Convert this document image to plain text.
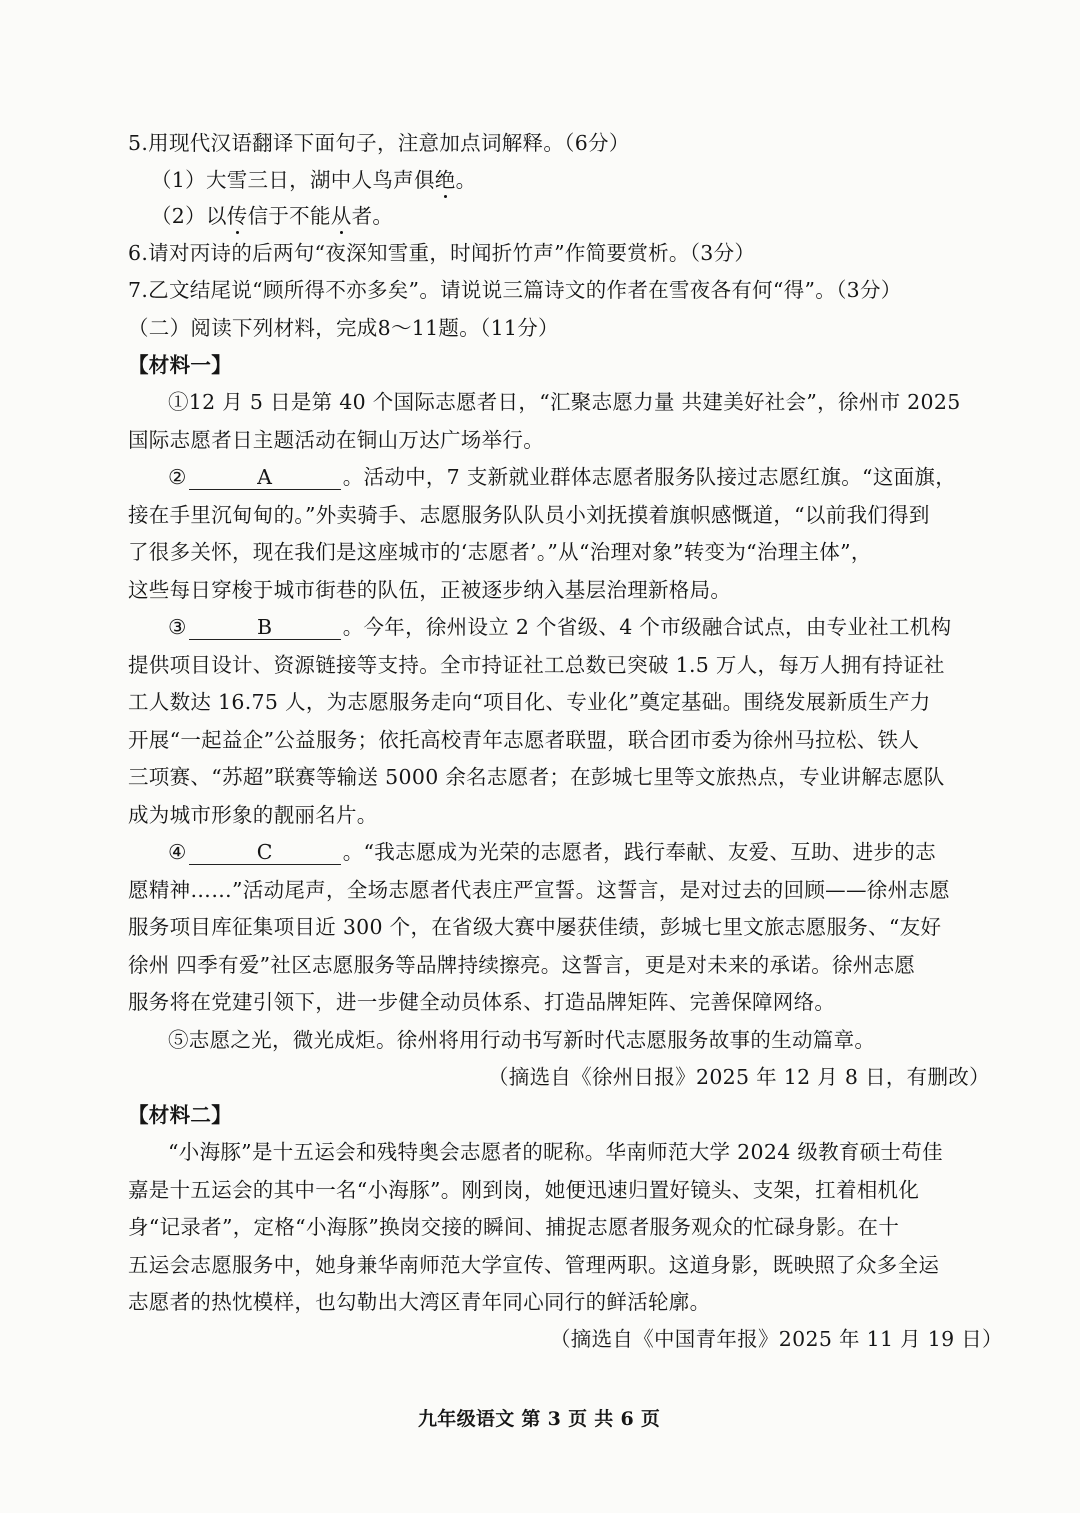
5.用现代汉语翻译下面句子，注意加点词解释。（6分）
（1）大雪三日，湖中人鸟声俱绝。
（2）以传信于不能从者。
6.请对丙诗的后两句“夜深知雪重，时闻折竹声”作简要赏析。（3分）
7.乙文结尾说“顾所得不亦多矣”。请说说三篇诗文的作者在雪夜各有何“得”。（3分）
（二）阅读下列材料，完成8～11题。（11分）
【材料一】
①12 月 5 日是第 40 个国际志愿者日，“汇聚志愿力量 共建美好社会”，徐州市 2025
国际志愿者日主题活动在铜山万达广场举行。
②	A	。活动中，7 支新就业群体志愿者服务队接过志愿红旗。“这面旗，
接在手里沉甸甸的。”外卖骑手、志愿服务队队员小刘抚摸着旗帜感慨道，“以前我们得到
了很多关怀，现在我们是这座城市的‘志愿者’。”从“治理对象”转变为“治理主体”，
这些每日穿梭于城市街巷的队伍，正被逐步纳入基层治理新格局。
③	B	。今年，徐州设立 2 个省级、4 个市级融合试点，由专业社工机构
提供项目设计、资源链接等支持。全市持证社工总数已突破 1.5 万人，每万人拥有持证社
工人数达 16.75 人，为志愿服务走向“项目化、专业化”奠定基础。围绕发展新质生产力
开展“一起益企”公益服务；依托高校青年志愿者联盟，联合团市委为徐州马拉松、铁人
三项赛、“苏超”联赛等输送 5000 余名志愿者；在彭城七里等文旅热点，专业讲解志愿队
成为城市形象的靓丽名片。
④	C	。“我志愿成为光荣的志愿者，践行奉献、友爱、互助、进步的志
愿精神……”活动尾声，全场志愿者代表庄严宣誓。这誓言，是对过去的回顾——徐州志愿
服务项目库征集项目近 300 个，在省级大赛中屡获佳绩，彭城七里文旅志愿服务、“友好
徐州 四季有爱”社区志愿服务等品牌持续擦亮。这誓言，更是对未来的承诺。徐州志愿
服务将在党建引领下，进一步健全动员体系、打造品牌矩阵、完善保障网络。
⑤志愿之光，微光成炬。徐州将用行动书写新时代志愿服务故事的生动篇章。
（摘选自《徐州日报》2025 年 12 月 8 日，有删改）
【材料二】
“小海豚”是十五运会和残特奥会志愿者的昵称。华南师范大学 2024 级教育硕士苟佳
嘉是十五运会的其中一名“小海豚”。刚到岗，她便迅速归置好镜头、支架，扛着相机化
身“记录者”，定格“小海豚”换岗交接的瞬间、捕捉志愿者服务观众的忙碌身影。在十
五运会志愿服务中，她身兼华南师范大学宣传、管理两职。这道身影，既映照了众多全运
志愿者的热忱模样，也勾勒出大湾区青年同心同行的鲜活轮廓。
（摘选自《中国青年报》2025 年 11 月 19 日）
九年级语文 第 3 页 共 6 页
